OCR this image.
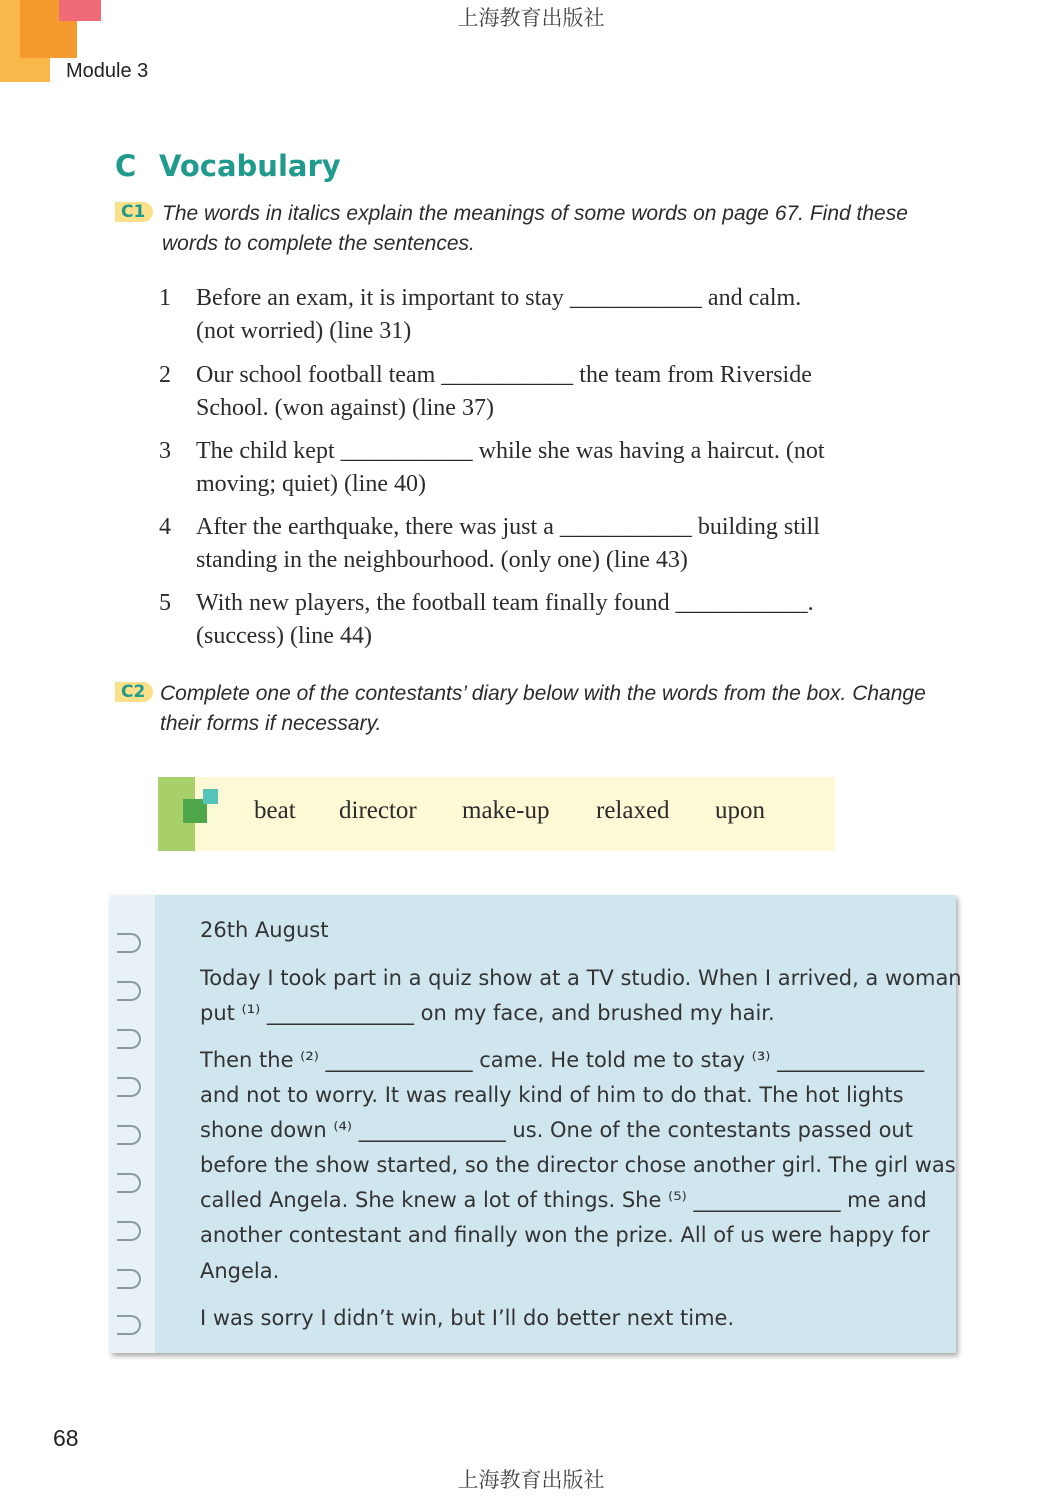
上海教育出版社
Module 3
C Vocabulary
C1 The words in italics explain the meanings of some words on page 67. Find these
words to complete the sentences.
1 Before an exam, it is important to stay ___________ and calm.
(not worried) (line 31)
2 Our school football team ___________ the team from Riverside
School. (won against) (line 37)
3 The child kept ___________ while she was having a haircut. (not
moving; quiet) (line 40)
4 After the earthquake, there was just a ___________ building still
standing in the neighbourhood. (only one) (line 43)
5 With new players, the football team finally found ___________.
(success) (line 44)
C2 Complete one of the contestants’ diary below with the words from the box. Change
their forms if necessary.
beat director make-up relaxed upon
26th August
Today I took part in a quiz show at a TV studio. When I arrived, a woman
put ⁽¹⁾ ______________ on my face, and brushed my hair.
Then the ⁽²⁾ ______________ came. He told me to stay ⁽³⁾ ______________
and not to worry. It was really kind of him to do that. The hot lights
shone down ⁽⁴⁾ ______________ us. One of the contestants passed out
before the show started, so the director chose another girl. The girl was
called Angela. She knew a lot of things. She ⁽⁵⁾ ______________ me and
another contestant and finally won the prize. All of us were happy for
Angela.
I was sorry I didn’t win, but I’ll do better next time.
68
上海教育出版社
